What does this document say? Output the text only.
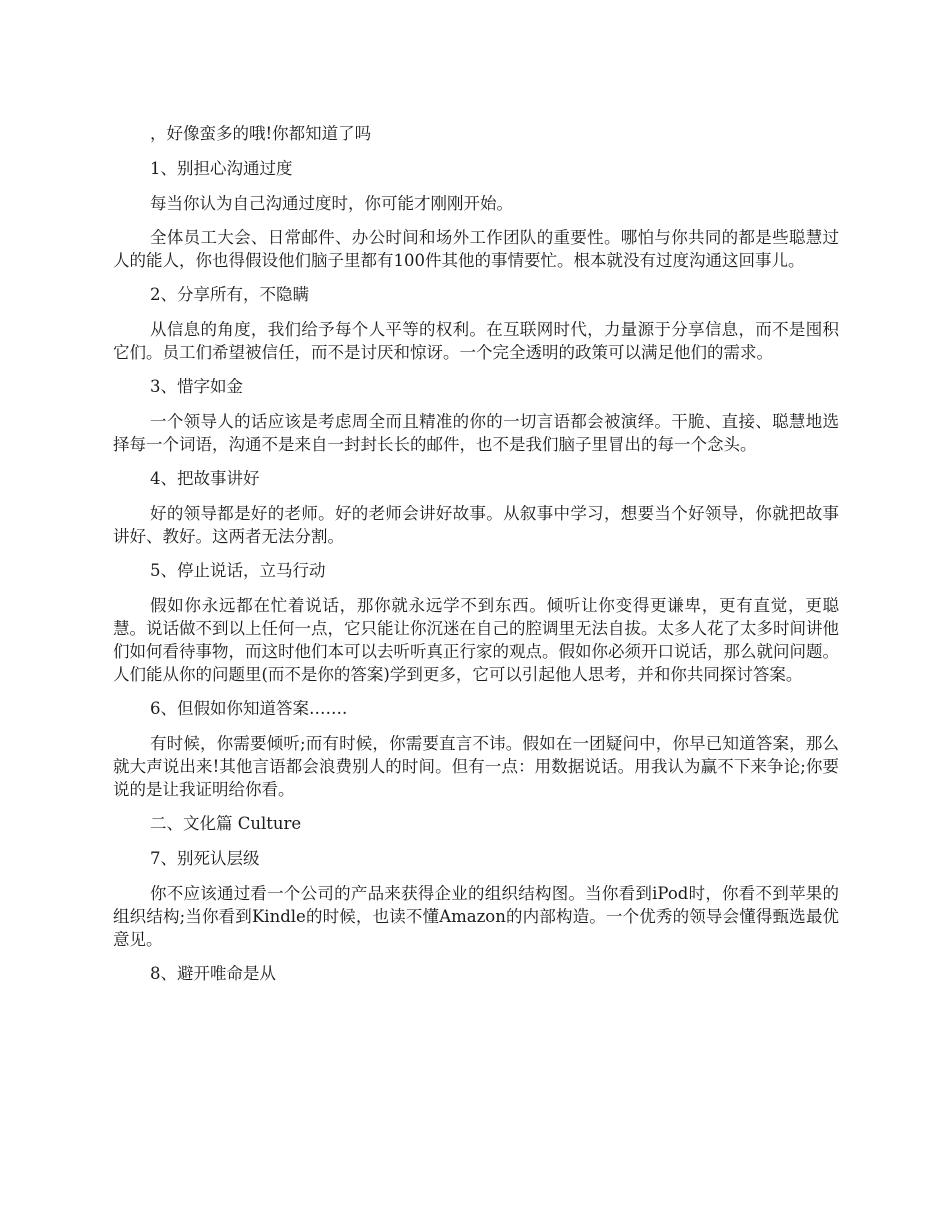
，好像蛮多的哦!你都知道了吗

1、别担心沟通过度

每当你认为自己沟通过度时，你可能才刚刚开始。

全体员工大会、日常邮件、办公时间和场外工作团队的重要性。哪怕与你共同的都是些聪慧过人的能人，你也得假设他们脑子里都有100件其他的事情要忙。根本就没有过度沟通这回事儿。

2、分享所有，不隐瞒

从信息的角度，我们给予每个人平等的权利。在互联网时代，力量源于分享信息，而不是囤积它们。员工们希望被信任，而不是讨厌和惊讶。一个完全透明的政策可以满足他们的需求。

3、惜字如金

一个领导人的话应该是考虑周全而且精准的你的一切言语都会被演绎。干脆、直接、聪慧地选择每一个词语，沟通不是来自一封封长长的邮件，也不是我们脑子里冒出的每一个念头。

4、把故事讲好

好的领导都是好的老师。好的老师会讲好故事。从叙事中学习，想要当个好领导，你就把故事讲好、教好。这两者无法分割。

5、停止说话，立马行动

假如你永远都在忙着说话，那你就永远学不到东西。倾听让你变得更谦卑，更有直觉，更聪慧。说话做不到以上任何一点，它只能让你沉迷在自己的腔调里无法自拔。太多人花了太多时间讲他们如何看待事物，而这时他们本可以去听听真正行家的观点。假如你必须开口说话，那么就问问题。人们能从你的问题里(而不是你的答案)学到更多，它可以引起他人思考，并和你共同探讨答案。

6、但假如你知道答案…….

有时候，你需要倾听;而有时候，你需要直言不讳。假如在一团疑问中，你早已知道答案，那么就大声说出来!其他言语都会浪费别人的时间。但有一点：用数据说话。用我认为赢不下来争论;你要说的是让我证明给你看。

二、文化篇 Culture

7、别死认层级

你不应该通过看一个公司的产品来获得企业的组织结构图。当你看到iPod时，你看不到苹果的组织结构;当你看到Kindle的时候，也读不懂Amazon的内部构造。一个优秀的领导会懂得甄选最优意见。

8、避开唯命是从
